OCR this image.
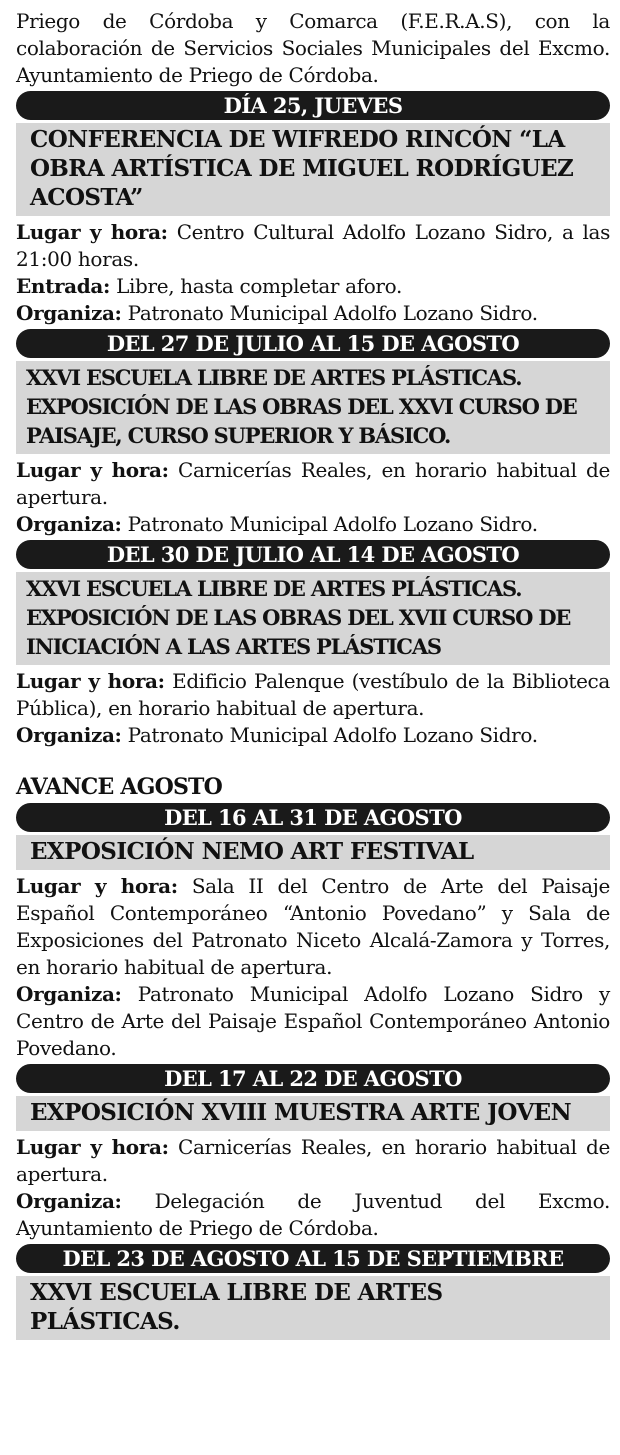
Priego de Córdoba y Comarca (F.E.R.A.S), con la colaboración de Servicios Sociales Municipales del Excmo. Ayuntamiento de Priego de Córdoba.

DÍA 25, JUEVES
CONFERENCIA DE WIFREDO RINCÓN “LA OBRA ARTÍSTICA DE MIGUEL RODRÍGUEZ ACOSTA”

Lugar y hora: Centro Cultural Adolfo Lozano Sidro, a las 21:00 horas.

Entrada: Libre, hasta completar aforo.

Organiza: Patronato Municipal Adolfo Lozano Sidro.

DEL 27 DE JULIO AL 15 DE AGOSTO
XXVI ESCUELA LIBRE DE ARTES PLÁSTICAS. EXPOSICIÓN DE LAS OBRAS DEL XXVI CURSO DE PAISAJE, CURSO SUPERIOR Y BÁSICO.

Lugar y hora: Carnicerías Reales, en horario habitual de apertura.

Organiza: Patronato Municipal Adolfo Lozano Sidro.

DEL 30 DE JULIO AL 14 DE AGOSTO
XXVI ESCUELA LIBRE DE ARTES PLÁSTICAS. EXPOSICIÓN DE LAS OBRAS DEL XVII CURSO DE INICIACIÓN A LAS ARTES PLÁSTICAS

Lugar y hora: Edificio Palenque (vestíbulo de la Biblioteca Pública), en horario habitual de apertura.

Organiza: Patronato Municipal Adolfo Lozano Sidro.

AVANCE AGOSTO

DEL 16 AL 31 DE AGOSTO
EXPOSICIÓN NEMO ART FESTIVAL

Lugar y hora: Sala II del Centro de Arte del Paisaje Español Contemporáneo “Antonio Povedano” y Sala de Exposiciones del Patronato Niceto Alcalá-Zamora y Torres, en horario habitual de apertura.

Organiza: Patronato Municipal Adolfo Lozano Sidro y Centro de Arte del Paisaje Español Contemporáneo Antonio Povedano.

DEL 17 AL 22 DE AGOSTO
EXPOSICIÓN XVIII MUESTRA ARTE JOVEN

Lugar y hora: Carnicerías Reales, en horario habitual de apertura.

Organiza: Delegación de Juventud del Excmo. Ayuntamiento de Priego de Córdoba.

DEL 23 DE AGOSTO AL 15 DE SEPTIEMBRE
XXVI ESCUELA LIBRE DE ARTES PLÁSTICAS.
